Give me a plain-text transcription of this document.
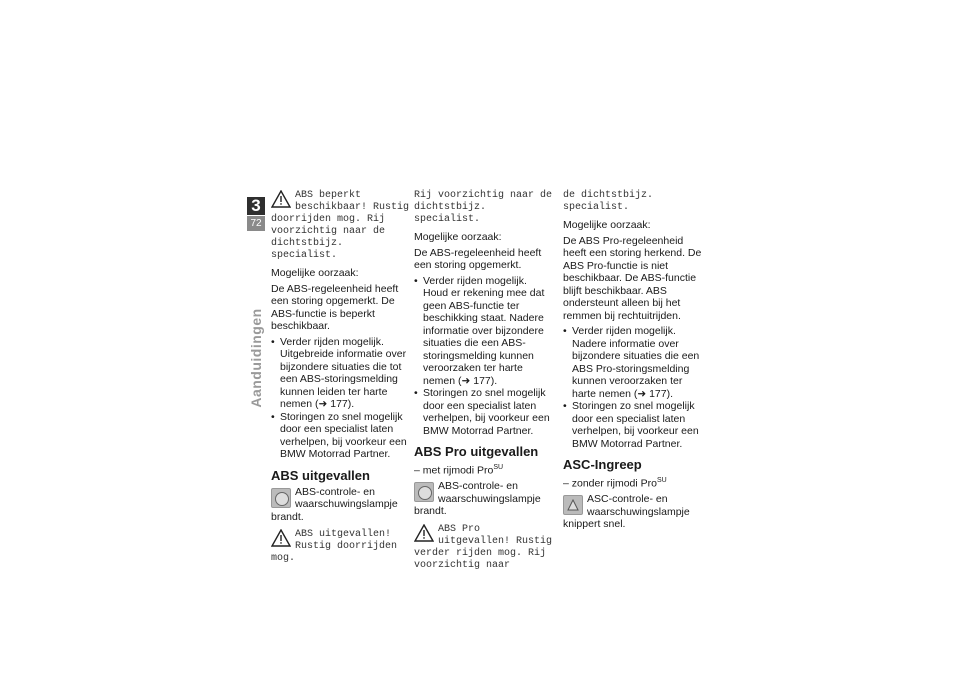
3
72
Aanduidingen
ABS beperkt beschikbaar! Rustig doorrijden mog. Rij voorzichtig naar de dichtstbijz. specialist.

Mogelijke oorzaak:

De ABS-regeleenheid heeft een storing opgemerkt. De ABS-functie is beperkt beschikbaar.

• Verder rijden mogelijk. Uitgebreide informatie over bijzondere situaties die tot een ABS-storingsmelding kunnen leiden ter harte nemen (➜ 177).
• Storingen zo snel mogelijk door een specialist laten verhelpen, bij voorkeur een BMW Motorrad Partner.
ABS uitgevallen
ABS-controle- en waarschuwingslampje brandt.
ABS uitgevallen! Rustig doorrijden mog.
Rij voorzichtig naar de dichtstbijz. specialist.

Mogelijke oorzaak:

De ABS-regeleenheid heeft een storing opgemerkt.

• Verder rijden mogelijk. Houd er rekening mee dat geen ABS-functie ter beschikking staat. Nadere informatie over bijzondere situaties die een ABS-storingsmelding kunnen veroorzaken ter harte nemen (➜ 177).
• Storingen zo snel mogelijk door een specialist laten verhelpen, bij voorkeur een BMW Motorrad Partner.
ABS Pro uitgevallen

– met rijmodi Pro$^{SU}$

ABS-controle- en waarschuwingslampje brandt.
ABS Pro uitgevallen! Rustig verder rijden mog. Rij voorzichtig naar
de dichtstbijz. specialist.

Mogelijke oorzaak:

De ABS Pro-regeleenheid heeft een storing herkend. De ABS Pro-functie is niet beschikbaar. De ABS-functie blijft beschikbaar. ABS ondersteunt alleen bij het remmen bij rechtuitrijden.

• Verder rijden mogelijk. Nadere informatie over bijzondere situaties die een ABS Pro-storingsmelding kunnen veroorzaken ter harte nemen (➜ 177).
• Storingen zo snel mogelijk door een specialist laten verhelpen, bij voorkeur een BMW Motorrad Partner.
ASC-Ingreep

– zonder rijmodi Pro$^{SU}$

ASC-controle- en waarschuwingslampje knippert snel.
